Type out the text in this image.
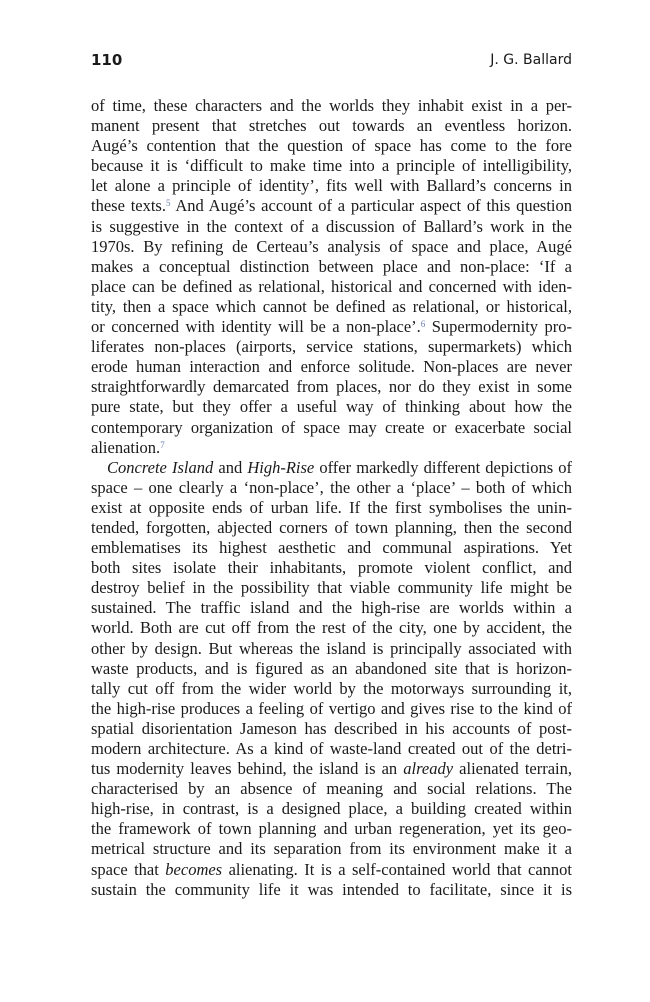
110	J. G. Ballard
of time, these characters and the worlds they inhabit exist in a per-
manent present that stretches out towards an eventless horizon.
Augé’s contention that the question of space has come to the fore
because it is ‘difficult to make time into a principle of intelligibility,
let alone a principle of identity’, fits well with Ballard’s concerns in
these texts.$^5$ And Augé’s account of a particular aspect of this question
is suggestive in the context of a discussion of Ballard’s work in the
1970s. By refining de Certeau’s analysis of space and place, Augé
makes a conceptual distinction between place and non-place: ‘If a
place can be defined as relational, historical and concerned with iden-
tity, then a space which cannot be defined as relational, or historical,
or concerned with identity will be a non-place’.$^6$ Supermodernity pro-
liferates non-places (airports, service stations, supermarkets) which
erode human interaction and enforce solitude. Non-places are never
straightforwardly demarcated from places, nor do they exist in some
pure state, but they offer a useful way of thinking about how the
contemporary organization of space may create or exacerbate social
alienation.$^7$
Concrete Island and High-Rise offer markedly different depictions of
space – one clearly a ‘non-place’, the other a ‘place’ – both of which
exist at opposite ends of urban life. If the first symbolises the unin-
tended, forgotten, abjected corners of town planning, then the second
emblematises its highest aesthetic and communal aspirations. Yet
both sites isolate their inhabitants, promote violent conflict, and
destroy belief in the possibility that viable community life might be
sustained. The traffic island and the high-rise are worlds within a
world. Both are cut off from the rest of the city, one by accident, the
other by design. But whereas the island is principally associated with
waste products, and is figured as an abandoned site that is horizon-
tally cut off from the wider world by the motorways surrounding it,
the high-rise produces a feeling of vertigo and gives rise to the kind of
spatial disorientation Jameson has described in his accounts of post-
modern architecture. As a kind of waste-land created out of the detri-
tus modernity leaves behind, the island is an already alienated terrain,
characterised by an absence of meaning and social relations. The
high-rise, in contrast, is a designed place, a building created within
the framework of town planning and urban regeneration, yet its geo-
metrical structure and its separation from its environment make it a
space that becomes alienating. It is a self-contained world that cannot
sustain the community life it was intended to facilitate, since it is
